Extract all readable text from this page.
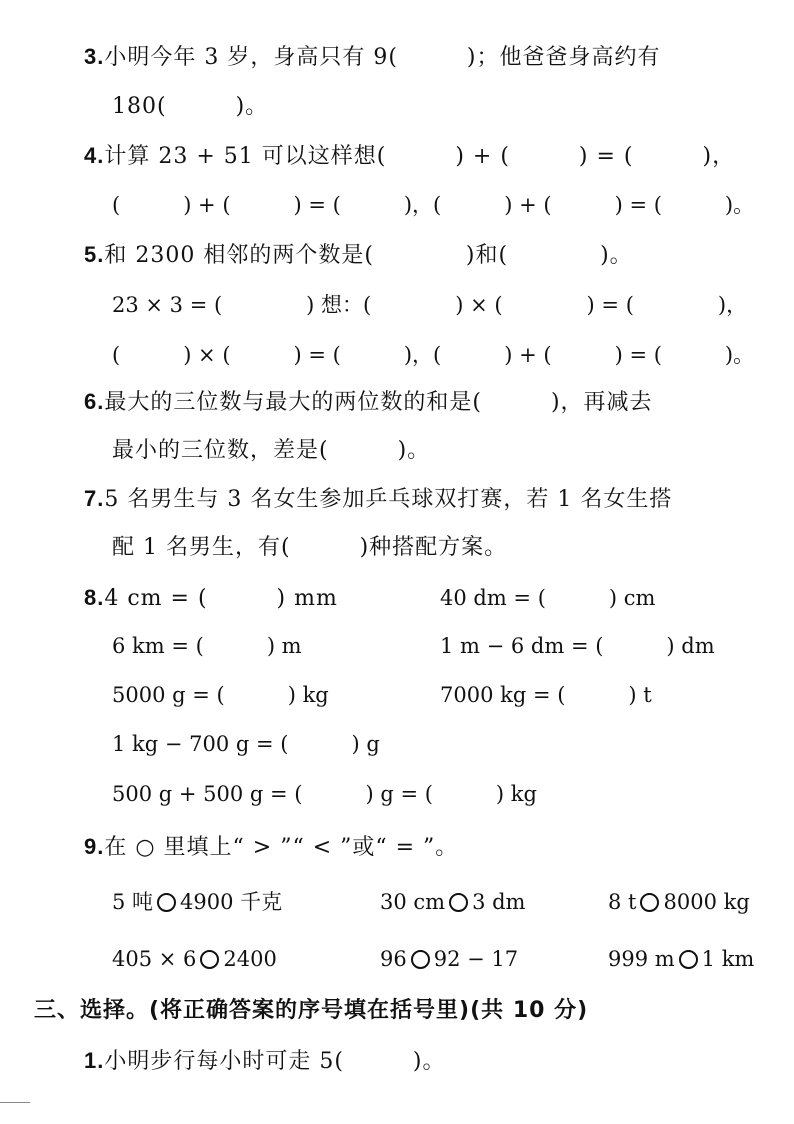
3.小明今年 3 岁，身高只有 9(　　　)；他爸爸身高约有
180(　　　)。
4.计算 23 + 51 可以这样想(　　　) + (　　　) = (　　　)，
(　　　) + (　　　) = (　　　)，(　　　) + (　　　) = (　　　)。
5.和 2300 相邻的两个数是(　　　　)和(　　　　)。
23 × 3 = (　　　　) 想：(　　　　) × (　　　　) = (　　　　)，
(　　　) × (　　　) = (　　　)，(　　　) + (　　　) = (　　　)。
6.最大的三位数与最大的两位数的和是(　　　)，再减去
最小的三位数，差是(　　　)。
7.5 名男生与 3 名女生参加乒乓球双打赛，若 1 名女生搭
配 1 名男生，有(　　　)种搭配方案。
8.4 cm = (　　　) mm	40 dm = (　　　) cm
6 km = (　　　) m	1 m − 6 dm = (　　　) dm
5000 g = (　　　) kg	7000 kg = (　　　) t
1 kg − 700 g = (　　　) g
500 g + 500 g = (　　　) g = (　　　) kg
9.在 ○ 里填上“ > ”“ < ”或“ = ”。
5 吨 4900 千克	30 cm 3 dm	8 t 8000 kg
405 × 6 2400	96 92 − 17	999 m 1 km
三、选择。(将正确答案的序号填在括号里)(共 10 分)
1.小明步行每小时可走 5(　　　)。
